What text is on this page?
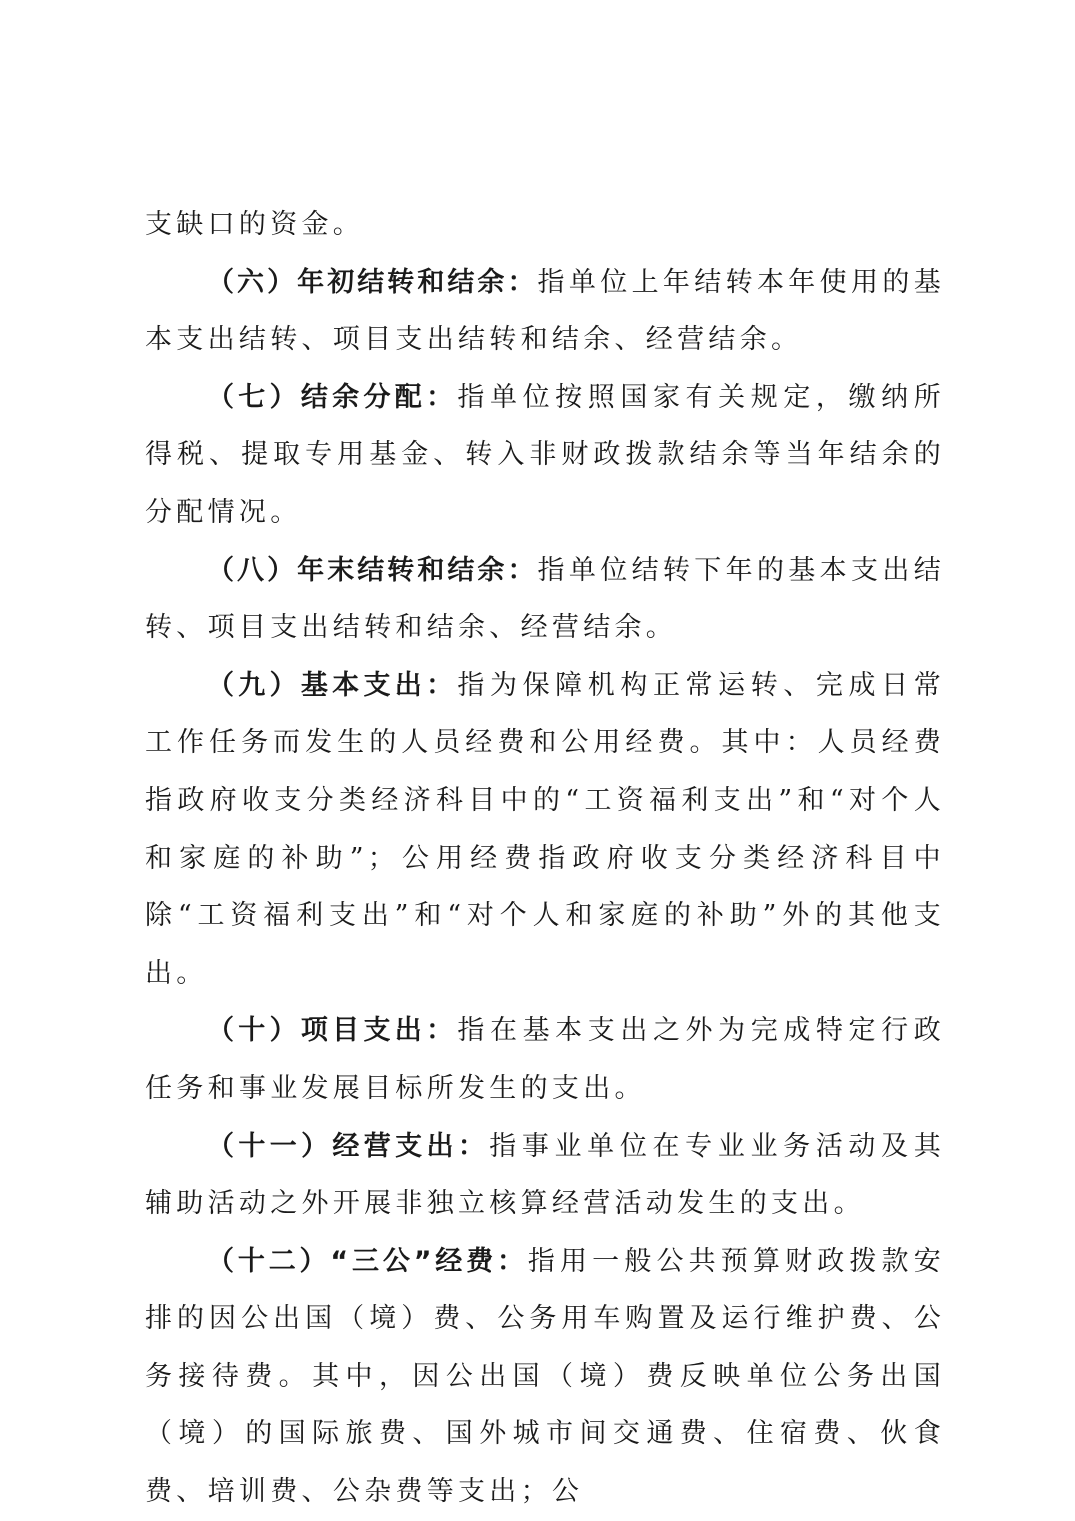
支缺口的资金。

（六）年初结转和结余：指单位上年结转本年使用的基本支出结转、项目支出结转和结余、经营结余。

（七）结余分配：指单位按照国家有关规定，缴纳所得税、提取专用基金、转入非财政拨款结余等当年结余的分配情况。

（八）年末结转和结余：指单位结转下年的基本支出结转、项目支出结转和结余、经营结余。

（九）基本支出：指为保障机构正常运转、完成日常工作任务而发生的人员经费和公用经费。其中：人员经费指政府收支分类经济科目中的“工资福利支出”和“对个人和家庭的补助”；公用经费指政府收支分类经济科目中除“工资福利支出”和“对个人和家庭的补助”外的其他支出。

（十）项目支出：指在基本支出之外为完成特定行政任务和事业发展目标所发生的支出。

（十一）经营支出：指事业单位在专业业务活动及其辅助活动之外开展非独立核算经营活动发生的支出。

（十二）“三公”经费：指用一般公共预算财政拨款安排的因公出国（境）费、公务用车购置及运行维护费、公务接待费。其中，因公出国（境）费反映单位公务出国（境）的国际旅费、国外城市间交通费、住宿费、伙食费、培训费、公杂费等支出；公
